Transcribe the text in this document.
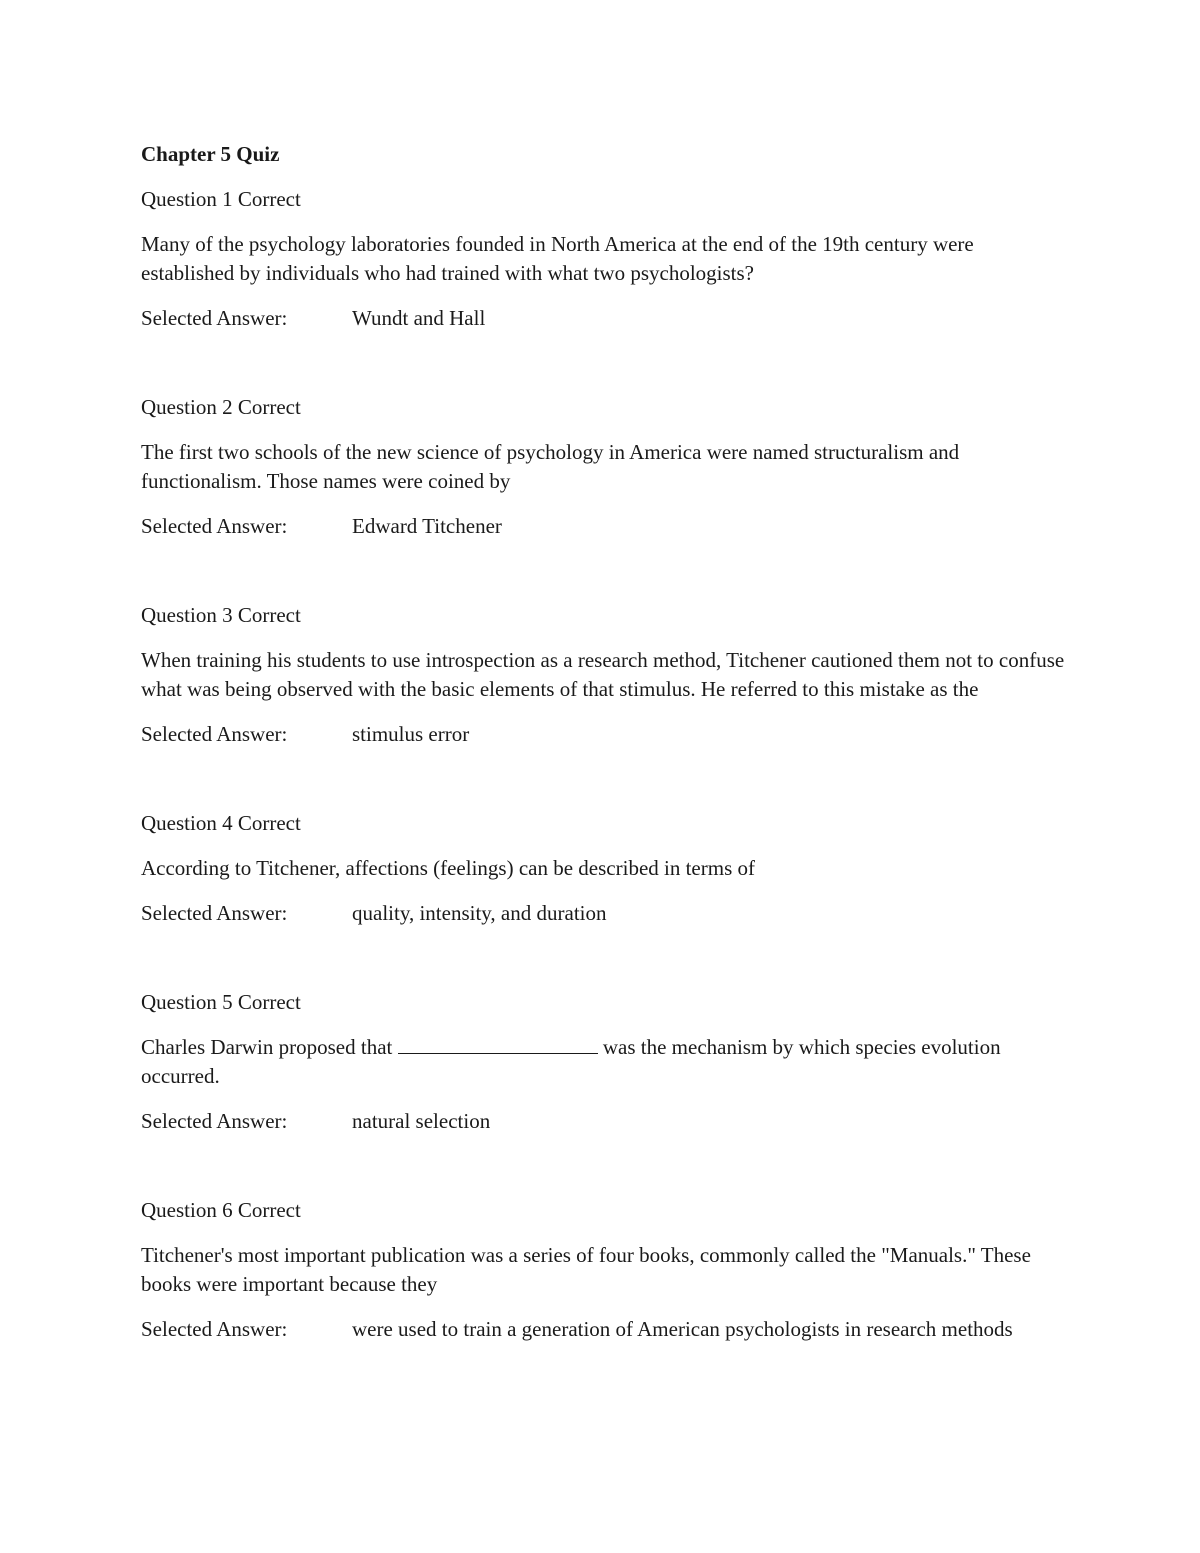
Chapter 5 Quiz
Question 1 Correct
Many of the psychology laboratories founded in North America at the end of the 19th century were established by individuals who had trained with what two psychologists?
Selected Answer:	Wundt and Hall
Question 2 Correct
The first two schools of the new science of psychology in America were named structuralism and functionalism. Those names were coined by
Selected Answer:	Edward Titchener
Question 3 Correct
When training his students to use introspection as a research method, Titchener cautioned them not to confuse what was being observed with the basic elements of that stimulus. He referred to this mistake as the
Selected Answer:	stimulus error
Question 4 Correct
According to Titchener, affections (feelings) can be described in terms of
Selected Answer:	quality, intensity, and duration
Question 5 Correct
Charles Darwin proposed that	was the mechanism by which species evolution occurred.
Selected Answer:	natural selection
Question 6 Correct
Titchener's most important publication was a series of four books, commonly called the "Manuals." These books were important because they
Selected Answer:	were used to train a generation of American psychologists in research methods
